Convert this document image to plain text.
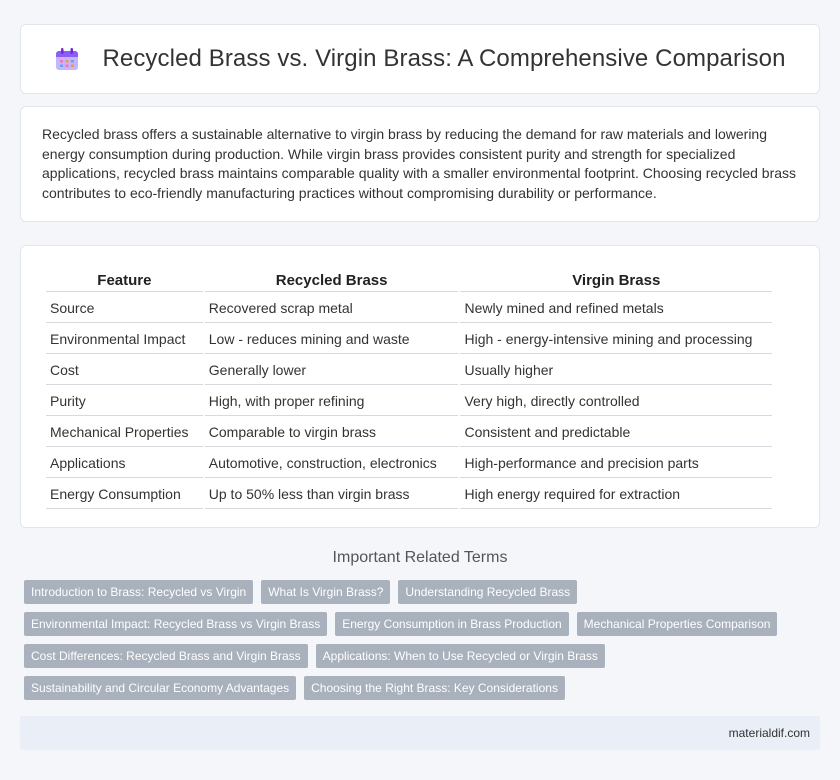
Recycled Brass vs. Virgin Brass: A Comprehensive Comparison

Recycled brass offers a sustainable alternative to virgin brass by reducing the demand for raw materials and lowering energy consumption during production. While virgin brass provides consistent purity and strength for specialized applications, recycled brass maintains comparable quality with a smaller environmental footprint. Choosing recycled brass contributes to eco-friendly manufacturing practices without compromising durability or performance.

Feature	Recycled Brass	Virgin Brass
Source	Recovered scrap metal	Newly mined and refined metals
Environmental Impact	Low - reduces mining and waste	High - energy-intensive mining and processing
Cost	Generally lower	Usually higher
Purity	High, with proper refining	Very high, directly controlled
Mechanical Properties	Comparable to virgin brass	Consistent and predictable
Applications	Automotive, construction, electronics	High-performance and precision parts
Energy Consumption	Up to 50% less than virgin brass	High energy required for extraction
Important Related Terms
Introduction to Brass: Recycled vs Virgin	What Is Virgin Brass?	Understanding Recycled Brass
Environmental Impact: Recycled Brass vs Virgin Brass	Energy Consumption in Brass Production	Mechanical Properties Comparison
Cost Differences: Recycled Brass and Virgin Brass	Applications: When to Use Recycled or Virgin Brass
Sustainability and Circular Economy Advantages	Choosing the Right Brass: Key Considerations
materialdif.com
